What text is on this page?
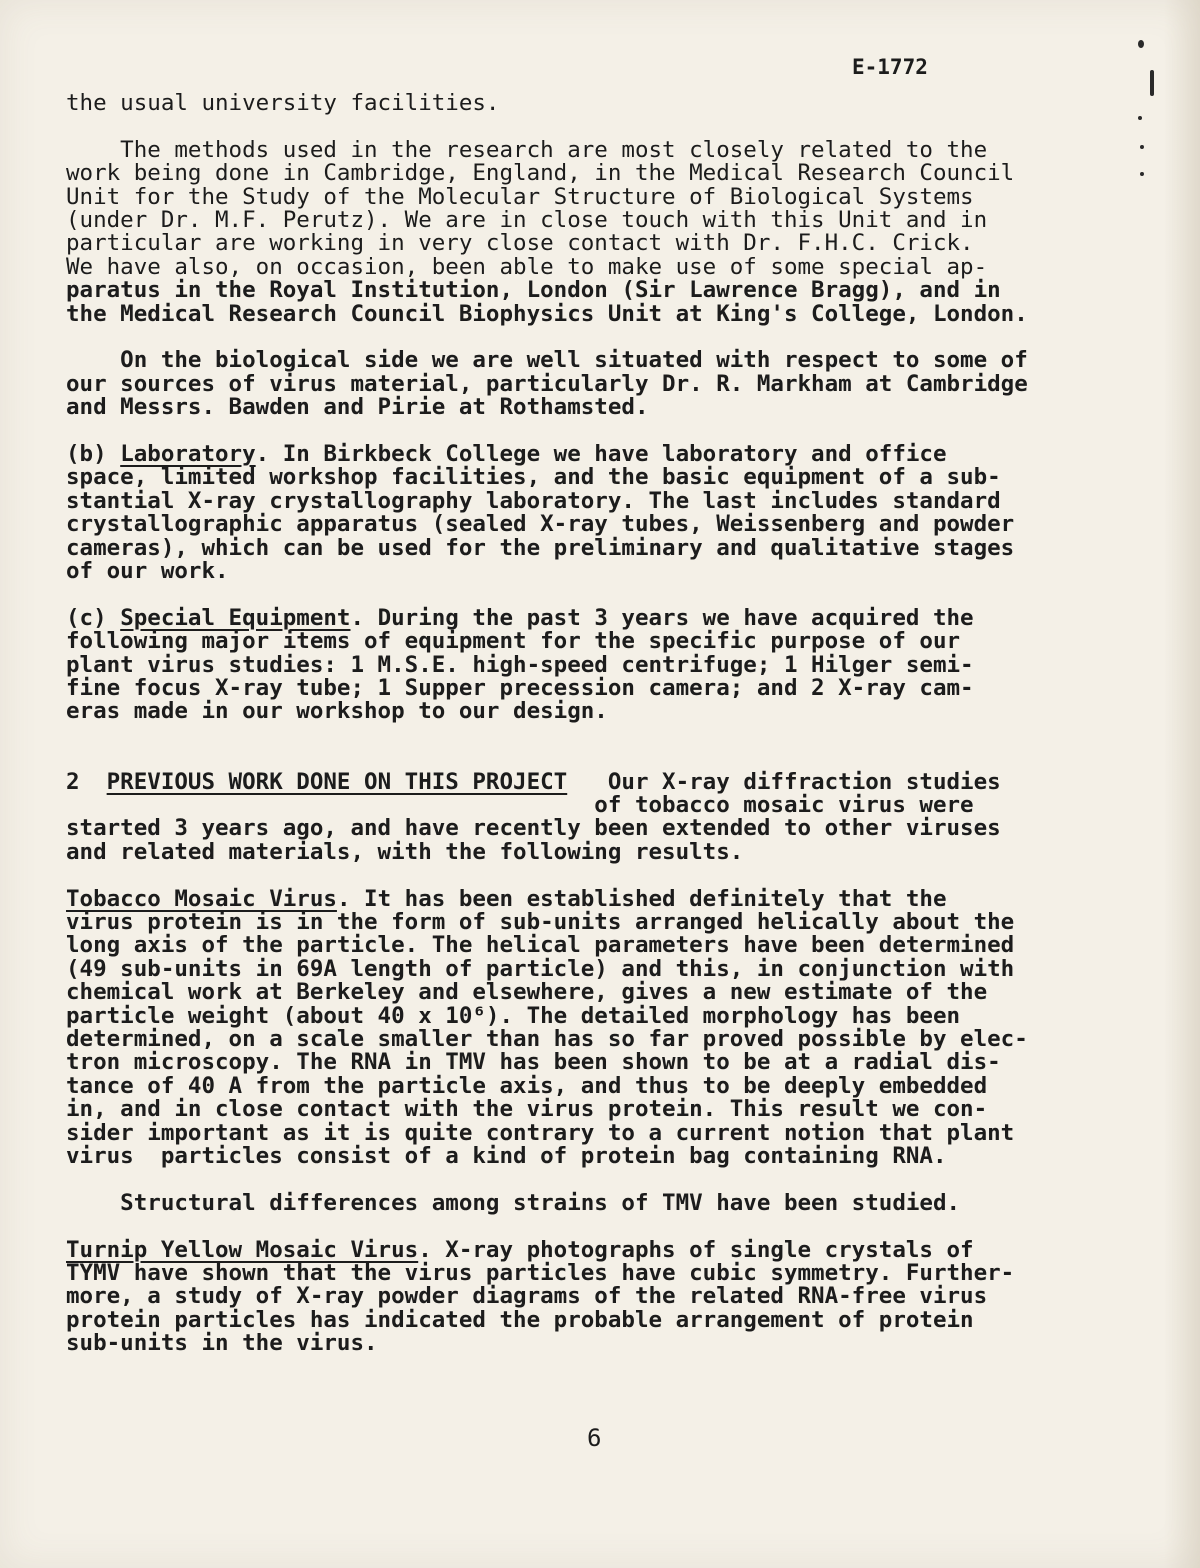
E-1772
the usual university facilities.
The methods used in the research are most closely related to the
work being done in Cambridge, England, in the Medical Research Council
Unit for the Study of the Molecular Structure of Biological Systems
(under Dr. M.F. Perutz). We are in close touch with this Unit and in
particular are working in very close contact with Dr. F.H.C. Crick.
We have also, on occasion, been able to make use of some special ap-
paratus in the Royal Institution, London (Sir Lawrence Bragg), and in
the Medical Research Council Biophysics Unit at King's College, London.
On the biological side we are well situated with respect to some of
our sources of virus material, particularly Dr. R. Markham at Cambridge
and Messrs. Bawden and Pirie at Rothamsted.
(b) Laboratory. In Birkbeck College we have laboratory and office
space, limited workshop facilities, and the basic equipment of a sub-
stantial X-ray crystallography laboratory. The last includes standard
crystallographic apparatus (sealed X-ray tubes, Weissenberg and powder
cameras), which can be used for the preliminary and qualitative stages
of our work.
(c) Special Equipment. During the past 3 years we have acquired the
following major items of equipment for the specific purpose of our
plant virus studies: 1 M.S.E. high-speed centrifuge; 1 Hilger semi-
fine focus X-ray tube; 1 Supper precession camera; and 2 X-ray cam-
eras made in our workshop to our design.
2  PREVIOUS WORK DONE ON THIS PROJECT   Our X-ray diffraction studies
of tobacco mosaic virus were
started 3 years ago, and have recently been extended to other viruses
and related materials, with the following results.
Tobacco Mosaic Virus. It has been established definitely that the
virus protein is in the form of sub-units arranged helically about the
long axis of the particle. The helical parameters have been determined
(49 sub-units in 69A length of particle) and this, in conjunction with
chemical work at Berkeley and elsewhere, gives a new estimate of the
particle weight (about 40 x 10⁶). The detailed morphology has been
determined, on a scale smaller than has so far proved possible by elec-
tron microscopy. The RNA in TMV has been shown to be at a radial dis-
tance of 40 A from the particle axis, and thus to be deeply embedded
in, and in close contact with the virus protein. This result we con-
sider important as it is quite contrary to a current notion that plant
virus  particles consist of a kind of protein bag containing RNA.
Structural differences among strains of TMV have been studied.
Turnip Yellow Mosaic Virus. X-ray photographs of single crystals of
TYMV have shown that the virus particles have cubic symmetry. Further-
more, a study of X-ray powder diagrams of the related RNA-free virus
protein particles has indicated the probable arrangement of protein
sub-units in the virus.
6
